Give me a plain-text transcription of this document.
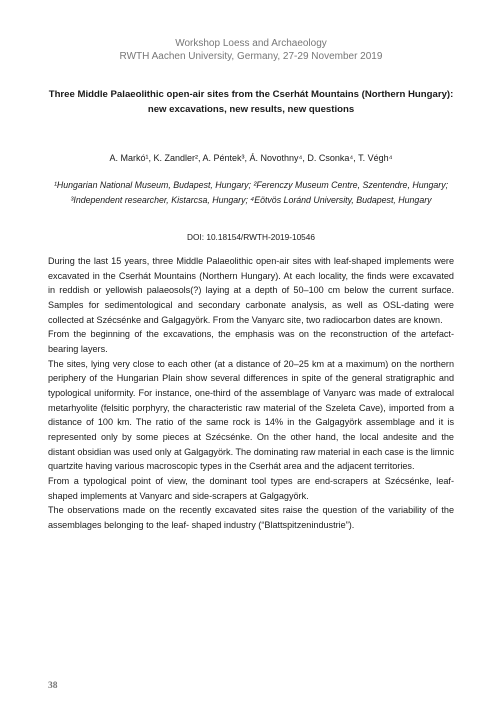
Workshop Loess and Archaeology
RWTH Aachen University, Germany, 27-29 November 2019
Three Middle Palaeolithic open-air sites from the Cserhát Mountains (Northern Hungary): new excavations, new results, new questions
A. Markó¹, K. Zandler², A. Péntek³, Á. Novothny⁴, D. Csonka⁴, T. Végh⁴
¹Hungarian National Museum, Budapest, Hungary; ²Ferenczy Museum Centre, Szentendre, Hungary; ³Independent researcher, Kistarcsa, Hungary; ⁴Eötvös Loránd University, Budapest, Hungary
DOI: 10.18154/RWTH-2019-10546

During the last 15 years, three Middle Palaeolithic open-air sites with leaf-shaped implements were excavated in the Cserhát Mountains (Northern Hungary). At each locality, the finds were excavated in reddish or yellowish palaeosols(?) laying at a depth of 50–100 cm below the current surface. Samples for sedimentological and secondary carbonate analysis, as well as OSL-dating were collected at Szécsénke and Galgagyörk. From the Vanyarc site, two radiocarbon dates are known.

From the beginning of the excavations, the emphasis was on the reconstruction of the artefact-bearing layers.

The sites, lying very close to each other (at a distance of 20–25 km at a maximum) on the northern periphery of the Hungarian Plain show several differences in spite of the general stratigraphic and typological uniformity. For instance, one-third of the assemblage of Vanyarc was made of extralocal metarhyolite (felsitic porphyry, the characteristic raw material of the Szeleta Cave), imported from a distance of 100 km. The ratio of the same rock is 14% in the Galgagyörk assemblage and it is represented only by some pieces at Szécsénke. On the other hand, the local andesite and the distant obsidian was used only at Galgagyörk. The dominating raw material in each case is the limnic quartzite having various macroscopic types in the Cserhát area and the adjacent territories.

From a typological point of view, the dominant tool types are end-scrapers at Szécsénke, leaf-shaped implements at Vanyarc and side-scrapers at Galgagyörk.

The observations made on the recently excavated sites raise the question of the variability of the assemblages belonging to the leaf- shaped industry (“Blattspitzenindustrie”).

38
